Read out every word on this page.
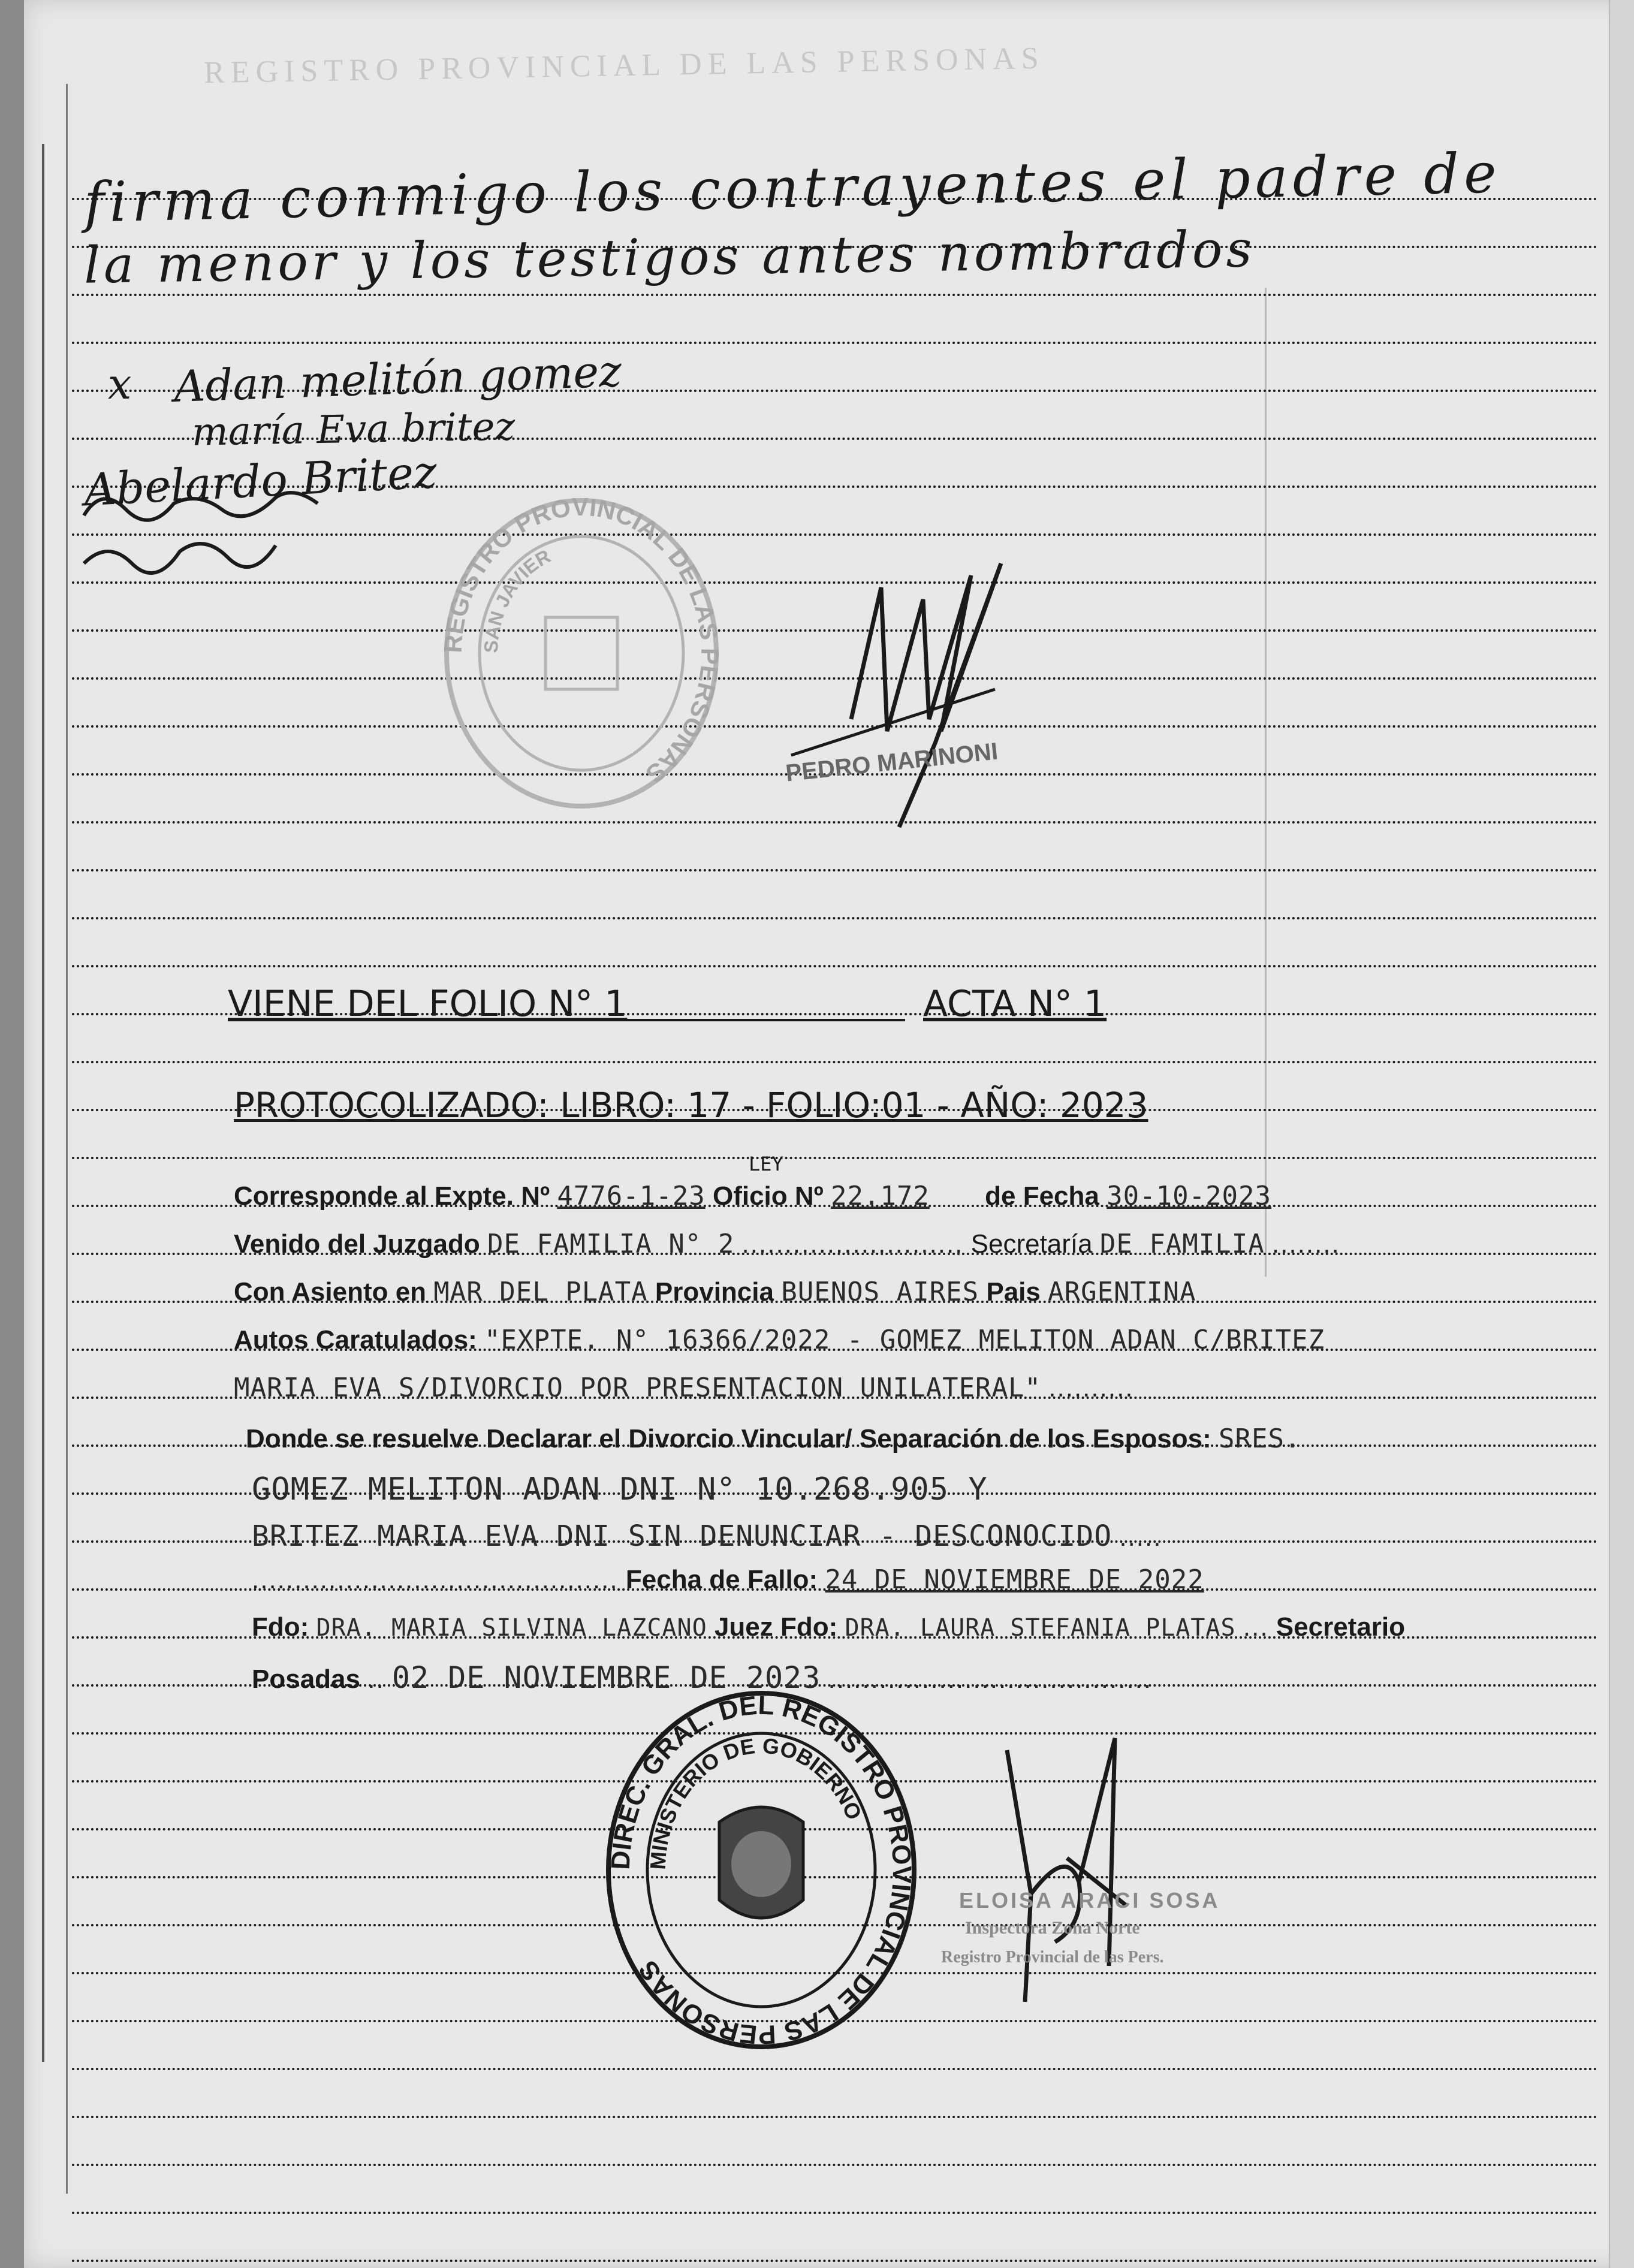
REGISTRO PROVINCIAL DE LAS PERSONAS
firma conmigo los contrayentes el padre de
la menor y los testigos antes nombrados
x Adan melitón gomez
maría Eva britez
Abelardo Britez
REGISTRO PROVINCIAL DE LAS PERSONAS
SAN JAVIER
PEDRO MARINONI
VIENE DEL FOLIO N° 1	ACTA N° 1
PROTOCOLIZADO: LIBRO: 17 - FOLIO:01 - AÑO: 2023
Corresponde al Expte. Nº 4776-1-23
LEY
Oficio Nº 22.172 de Fecha 30-10-2023
Venido del Juzgado DE FAMILIA N° 2 .......................... Secretaría DE FAMILIA ........
Con Asiento en MAR DEL PLATA Provincia BUENOS AIRES Pais ARGENTINA
Autos Caratulados: "EXPTE. N° 16366/2022 - GOMEZ MELITON ADAN C/BRITEZ
MARIA EVA S/DIVORCIO POR PRESENTACION UNILATERAL" ..........
Donde se resuelve Declarar el Divorcio Vincular/ Separación de los Esposos: SRES.
GOMEZ MELITON ADAN DNI N° 10.268.905 Y
BRITEZ MARIA EVA DNI SIN DENUNCIAR - DESCONOCIDO .....
........................................... Fecha de Fallo: 24 DE NOVIEMBRE DE 2022
Fdo: DRA. MARIA SILVINA LAZCANO Juez Fdo: DRA. LAURA STEFANIA PLATAS ... Secretario
Posadas .. 02 DE NOVIEMBRE DE 2023 ......................................
DIREC. GRAL. DEL REGISTRO PROVINCIAL DE LAS PERSONAS
MINISTERIO DE GOBIERNO
ELOISA ARACI SOSA
Inspectora Zona Norte
Registro Provincial de las Pers.
